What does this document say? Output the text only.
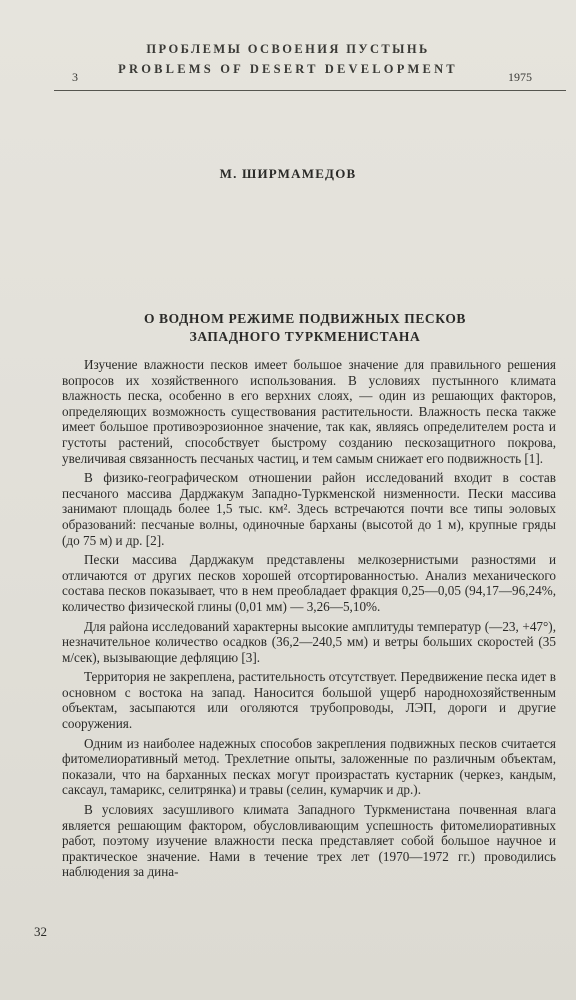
ПРОБЛЕМЫ ОСВОЕНИЯ ПУСТЫНЬ
PROBLEMS OF DESERT DEVELOPMENT
3	1975
М. ШИРМАМЕДОВ
О ВОДНОМ РЕЖИМЕ ПОДВИЖНЫХ ПЕСКОВ
ЗАПАДНОГО ТУРКМЕНИСТАНА

Изучение влажности песков имеет большое значение для правильного решения вопросов их хозяйственного использования. В условиях пустынного климата влажность песка, особенно в его верхних слоях, — один из решающих факторов, определяющих возможность существования растительности. Влажность песка также имеет большое противоэрозионное значение, так как, являясь определителем роста и густоты растений, способствует быстрому созданию пескозащитного покрова, увеличивая связанность песчаных частиц, и тем самым снижает его подвижность [1].

В физико-географическом отношении район исследований входит в состав песчаного массива Дарджакум Западно-Туркменской низменности. Пески массива занимают площадь более 1,5 тыс. км². Здесь встречаются почти все типы эоловых образований: песчаные волны, одиночные барханы (высотой до 1 м), крупные гряды (до 75 м) и др. [2].

Пески массива Дарджакум представлены мелкозернистыми разностями и отличаются от других песков хорошей отсортированностью. Анализ механического состава песков показывает, что в нем преобладает фракция 0,25—0,05 (94,17—96,24%, количество физической глины (0,01 мм) — 3,26—5,10%.

Для района исследований характерны высокие амплитуды температур (—23, +47°), незначительное количество осадков (36,2—240,5 мм) и ветры больших скоростей (35 м/сек), вызывающие дефляцию [3].

Территория не закреплена, растительность отсутствует. Передвижение песка идет в основном с востока на запад. Наносится большой ущерб народнохозяйственным объектам, засыпаются или оголяются трубопроводы, ЛЭП, дороги и другие сооружения.

Одним из наиболее надежных способов закрепления подвижных песков считается фитомелиоративный метод. Трехлетние опыты, заложенные по различным объектам, показали, что на барханных песках могут произрастать кустарник (черкез, кандым, саксаул, тамарикс, селитрянка) и травы (селин, кумарчик и др.).

В условиях засушливого климата Западного Туркменистана почвенная влага является решающим фактором, обусловливающим успешность фитомелиоративных работ, поэтому изучение влажности песка представляет собой большое научное и практическое значение. Нами в течение трех лет (1970—1972 гг.) проводились наблюдения за дина-

32
